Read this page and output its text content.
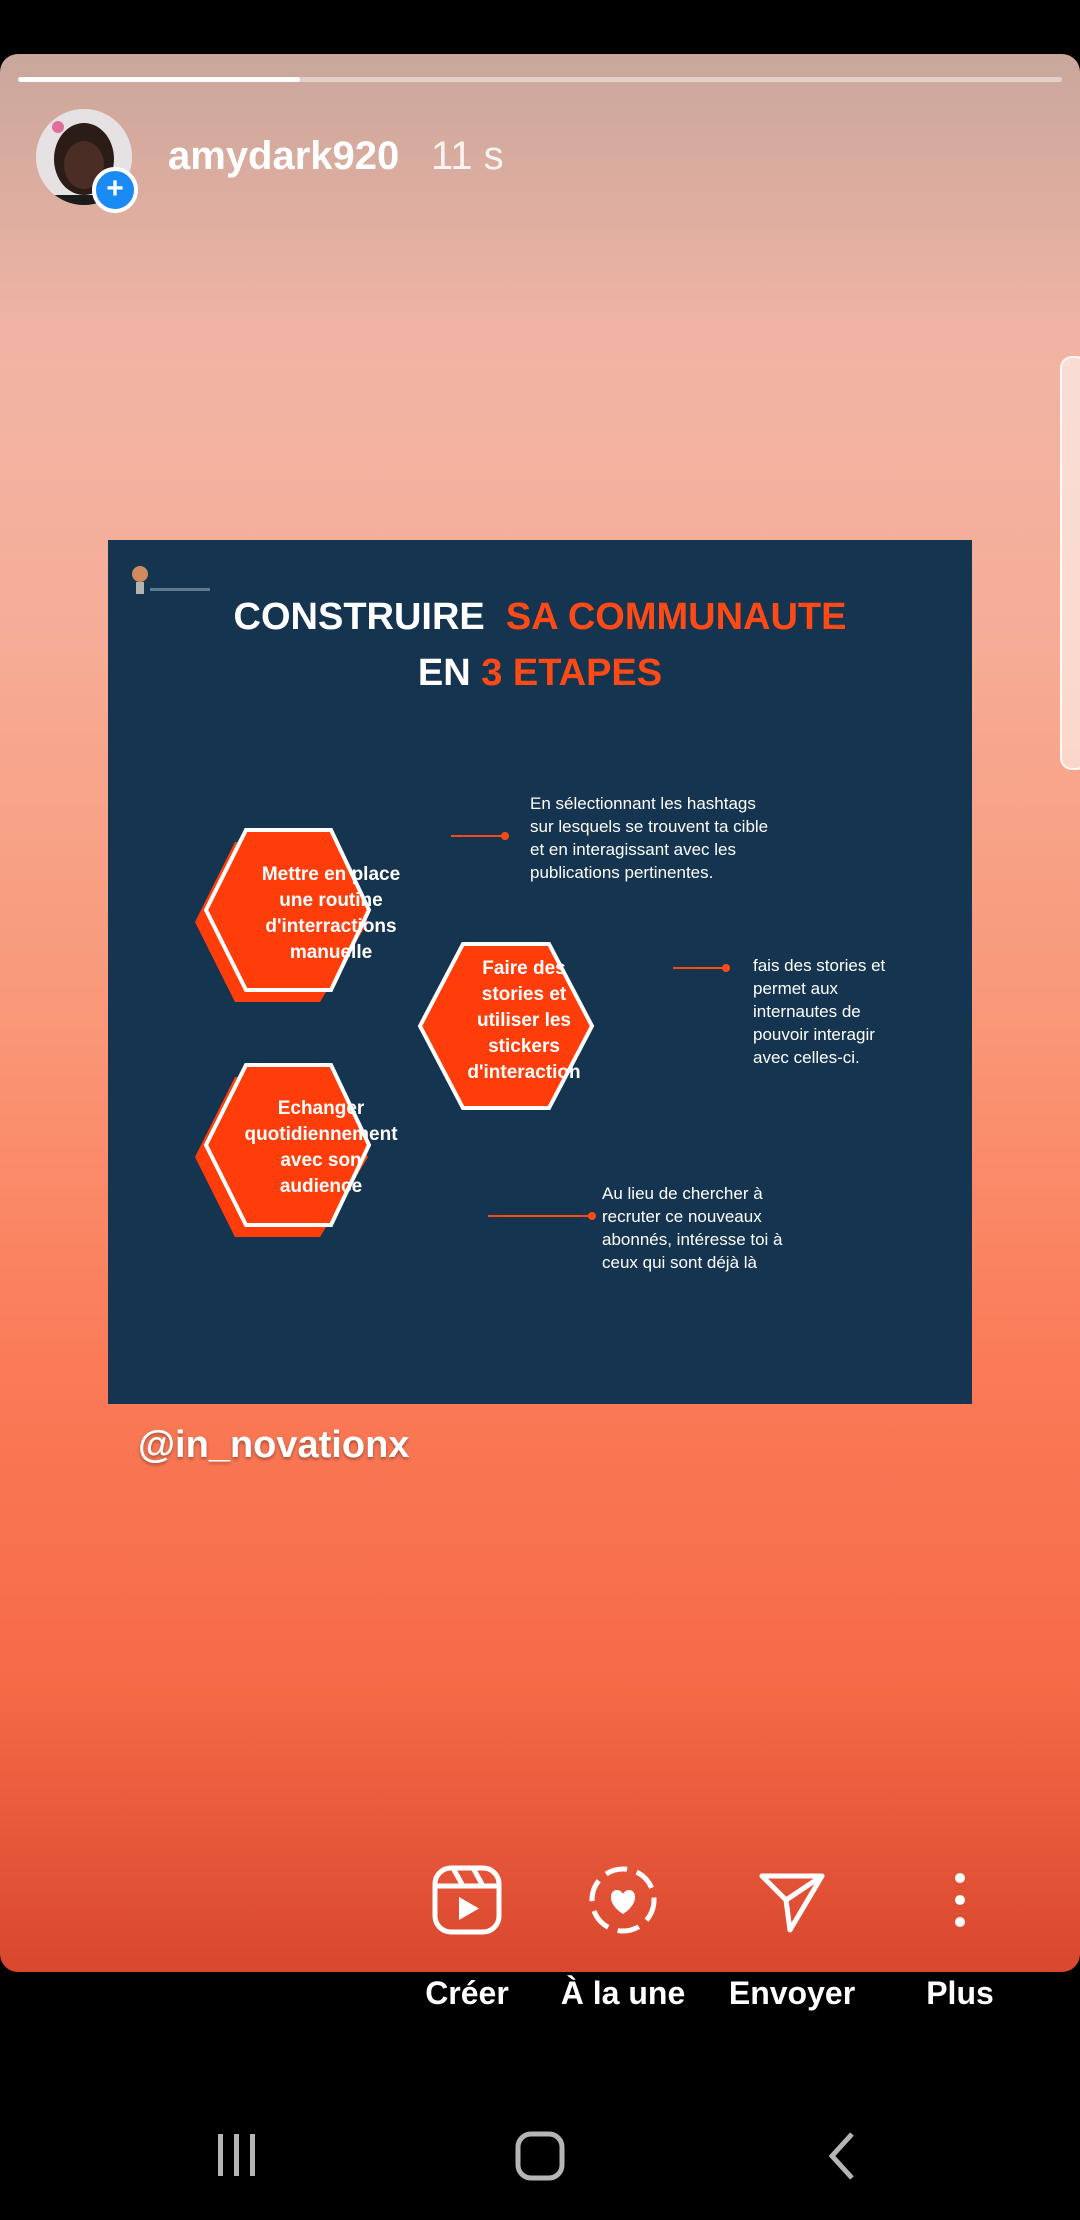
+
amydark920 11 s
CONSTRUIRE SA COMMUNAUTE
EN 3 ETAPES
Mettre en place
une routine
d'interractions
manuelle
Faire des
stories et
utiliser les
stickers
d'interaction
Echanger
quotidiennement
avec son
audience
En sélectionnant les hashtags
sur lesquels se trouvent ta cible
et en interagissant avec les
publications pertinentes.
fais des stories et
permet aux
internautes de
pouvoir interagir
avec celles-ci.
Au lieu de chercher à
recruter ce nouveaux
abonnés, intéresse toi à
ceux qui sont déjà là
@in_novationx
Créer	À la une	Envoyer	Plus
